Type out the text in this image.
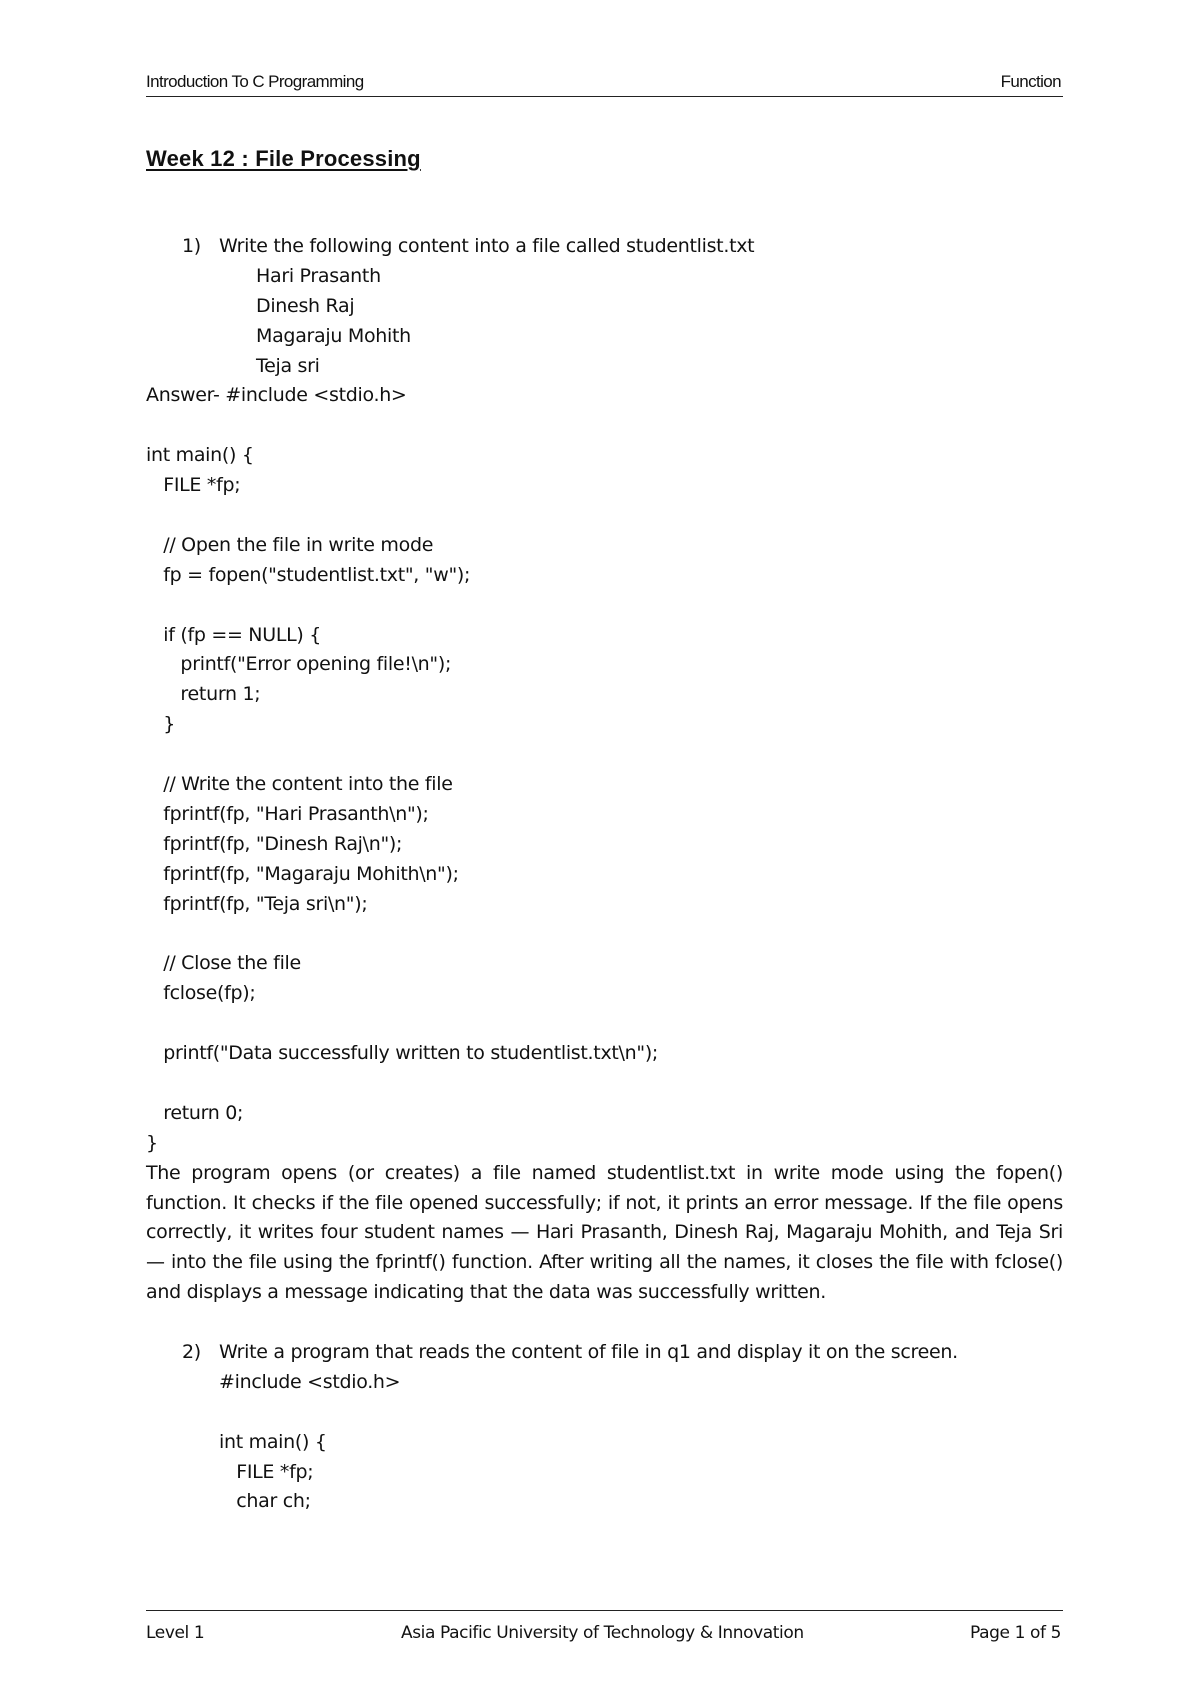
Introduction To C Programming	Function
Week 12 : File Processing

1)

Write the following content into a file called studentlist.txt

Hari Prasanth
Dinesh Raj
Magaraju Mohith
Teja sri
Answer- #include <stdio.h>
int main() {
FILE *fp;
// Open the file in write mode
fp = fopen("studentlist.txt", "w");
if (fp == NULL) {
printf("Error opening file!\n");
return 1;
}
// Write the content into the file
fprintf(fp, "Hari Prasanth\n");
fprintf(fp, "Dinesh Raj\n");
fprintf(fp, "Magaraju Mohith\n");
fprintf(fp, "Teja sri\n");
// Close the file
fclose(fp);
printf("Data successfully written to studentlist.txt\n");
return 0;
}
The program opens (or creates) a file named studentlist.txt in write mode using the fopen() function. It checks if the file opened successfully; if not, it prints an error message. If the file opens correctly, it writes four student names — Hari Prasanth, Dinesh Raj, Magaraju Mohith, and Teja Sri — into the file using the fprintf() function. After writing all the names, it closes the file with fclose() and displays a message indicating that the data was successfully written.

2)

Write a program that reads the content of file in q1 and display it on the screen.

#include <stdio.h>
int main() {
FILE *fp;
char ch;
Level 1	Asia Pacific University of Technology & Innovation	Page 1 of 5
